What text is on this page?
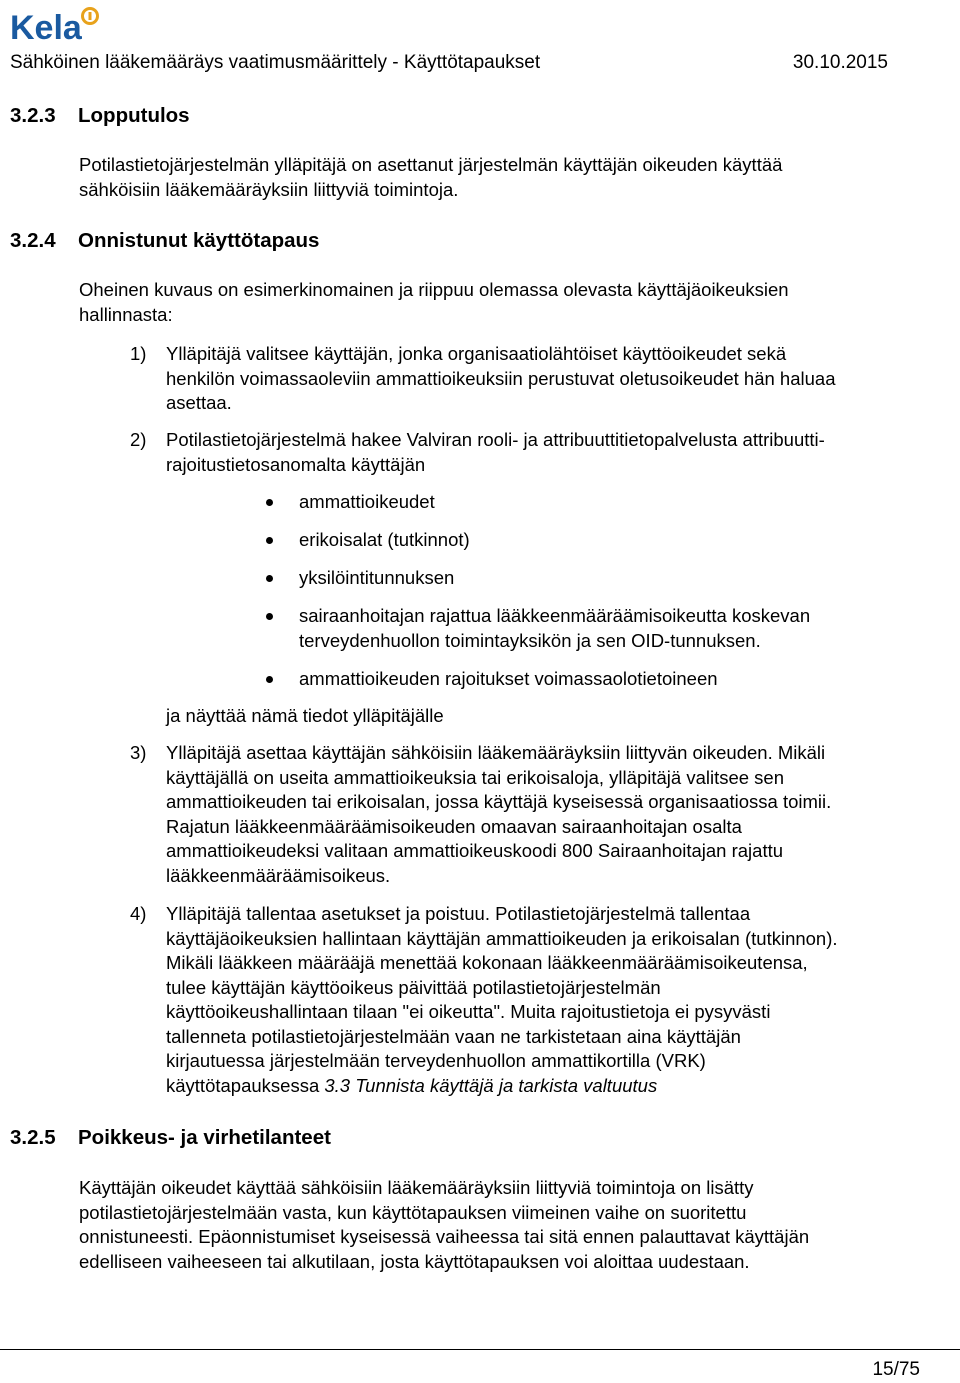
Kela
Sähköinen lääkemääräys vaatimusmäärittely - Käyttötapaukset	30.10.2015
3.2.3 Lopputulos
Potilastietojärjestelmän ylläpitäjä on asettanut järjestelmän käyttäjän oikeuden käyttää
sähköisiin lääkemääräyksiin liittyviä toimintoja.
3.2.4 Onnistunut käyttötapaus
Oheinen kuvaus on esimerkinomainen ja riippuu olemassa olevasta käyttäjäoikeuksien
hallinnasta:
1) Ylläpitäjä valitsee käyttäjän, jonka organisaatiolähtöiset käyttöoikeudet sekä
henkilön voimassaoleviin ammattioikeuksiin perustuvat oletusoikeudet hän haluaa
asettaa.
2) Potilastietojärjestelmä hakee Valviran rooli- ja attribuuttitietopalvelusta attribuutti-
rajoitustietosanomalta käyttäjän
ammattioikeudet
erikoisalat (tutkinnot)
yksilöintitunnuksen
sairaanhoitajan rajattua lääkkeenmääräämisoikeutta koskevan
terveydenhuollon toimintayksikön ja sen OID-tunnuksen.
ammattioikeuden rajoitukset voimassaolotietoineen
ja näyttää nämä tiedot ylläpitäjälle
3) Ylläpitäjä asettaa käyttäjän sähköisiin lääkemääräyksiin liittyvän oikeuden. Mikäli
käyttäjällä on useita ammattioikeuksia tai erikoisaloja, ylläpitäjä valitsee sen
ammattioikeuden tai erikoisalan, jossa käyttäjä kyseisessä organisaatiossa toimii.
Rajatun lääkkeenmääräämisoikeuden omaavan sairaanhoitajan osalta
ammattioikeudeksi valitaan ammattioikeuskoodi 800 Sairaanhoitajan rajattu
lääkkeenmääräämisoikeus.
4) Ylläpitäjä tallentaa asetukset ja poistuu. Potilastietojärjestelmä tallentaa
käyttäjäoikeuksien hallintaan käyttäjän ammattioikeuden ja erikoisalan (tutkinnon).
Mikäli lääkkeen määrääjä menettää kokonaan lääkkeenmääräämisoikeutensa,
tulee käyttäjän käyttöoikeus päivittää potilastietojärjestelmän
käyttöoikeushallintaan tilaan "ei oikeutta". Muita rajoitustietoja ei pysyvästi
tallenneta potilastietojärjestelmään vaan ne tarkistetaan aina käyttäjän
kirjautuessa järjestelmään terveydenhuollon ammattikortilla (VRK)
käyttötapauksessa 3.3 Tunnista käyttäjä ja tarkista valtuutus
3.2.5 Poikkeus- ja virhetilanteet
Käyttäjän oikeudet käyttää sähköisiin lääkemääräyksiin liittyviä toimintoja on lisätty
potilastietojärjestelmään vasta, kun käyttötapauksen viimeinen vaihe on suoritettu
onnistuneesti. Epäonnistumiset kyseisessä vaiheessa tai sitä ennen palauttavat käyttäjän
edelliseen vaiheeseen tai alkutilaan, josta käyttötapauksen voi aloittaa uudestaan.
15/75
